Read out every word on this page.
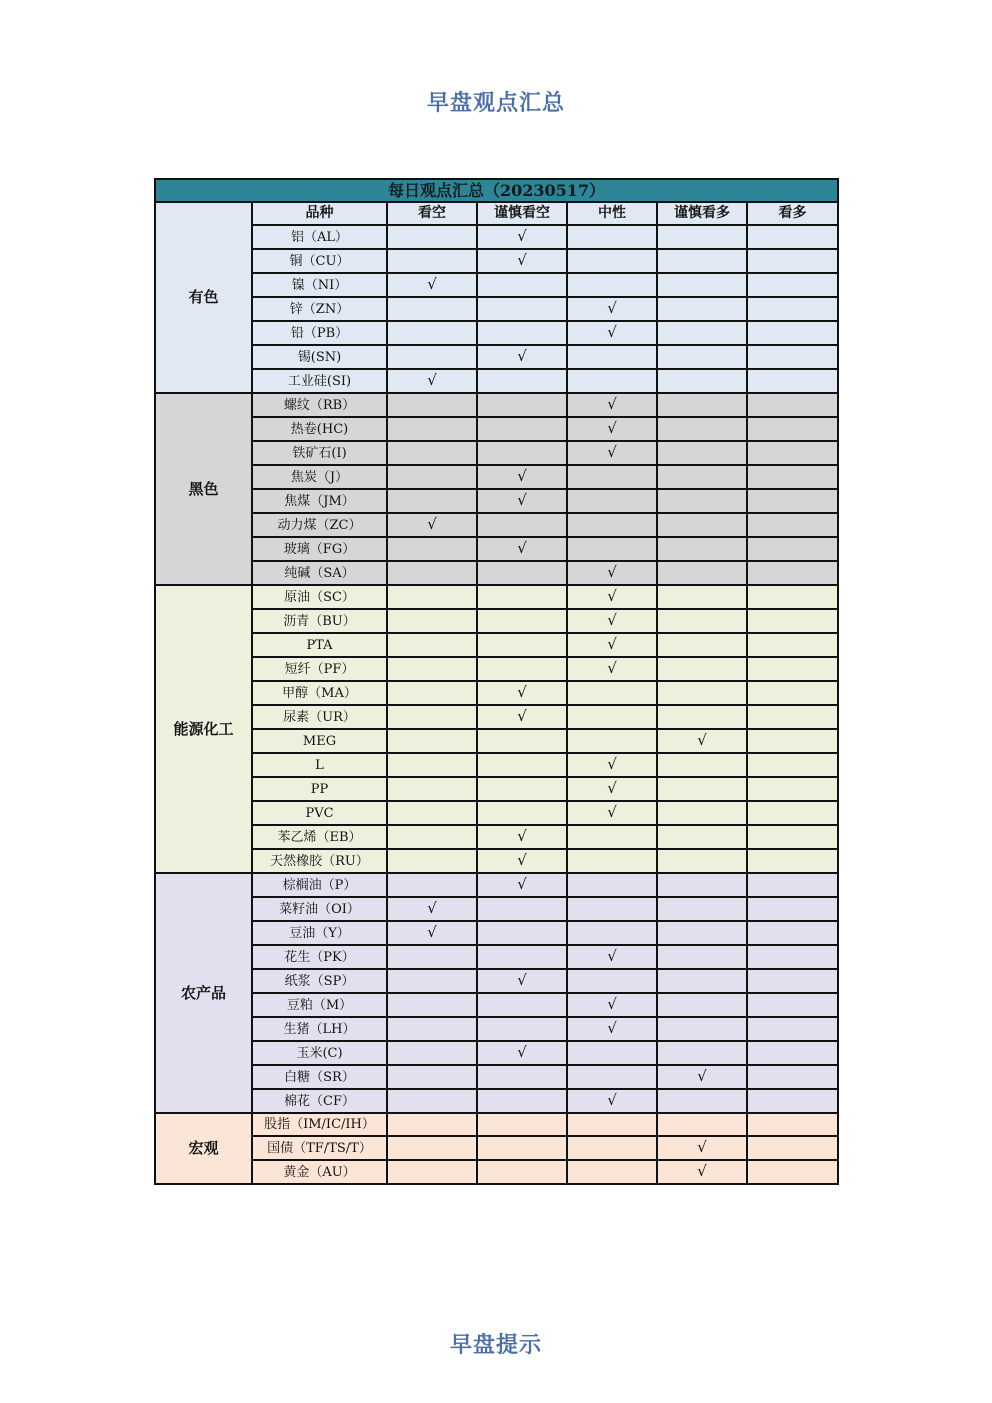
早盘观点汇总
每日观点汇总（20230517）						
有色	品种	看空	谨慎看空	中性	谨慎看多	看多
	铝（AL）		√			
	铜（CU）		√			
	镍（NI）	√				
	锌（ZN）			√		
	铅（PB）			√		
	锡(SN)		√			
	工业硅(SI)	√				
黑色	螺纹（RB）			√		
	热卷(HC)			√		
	铁矿石(I)			√		
	焦炭（J）		√			
	焦煤（JM）		√			
	动力煤（ZC）	√				
	玻璃（FG）		√			
	纯碱（SA）			√		
能源化工	原油（SC）			√		
	沥青（BU）			√		
	PTA			√		
	短纤（PF）			√		
	甲醇（MA）		√			
	尿素（UR）		√			
	MEG				√	
	L			√		
	PP			√		
	PVC			√		
	苯乙烯（EB）		√			
	天然橡胶（RU）		√			
农产品	棕榈油（P）		√			
	菜籽油（OI）	√				
	豆油（Y）	√				
	花生（PK）			√		
	纸浆（SP）		√			
	豆粕（M）			√		
	生猪（LH）			√		
	玉米(C)		√			
	白糖（SR）				√	
	棉花（CF）			√		
宏观	股指（IM/IC/IH）					
	国债（TF/TS/T）				√	
	黄金（AU）				√	
早盘提示
